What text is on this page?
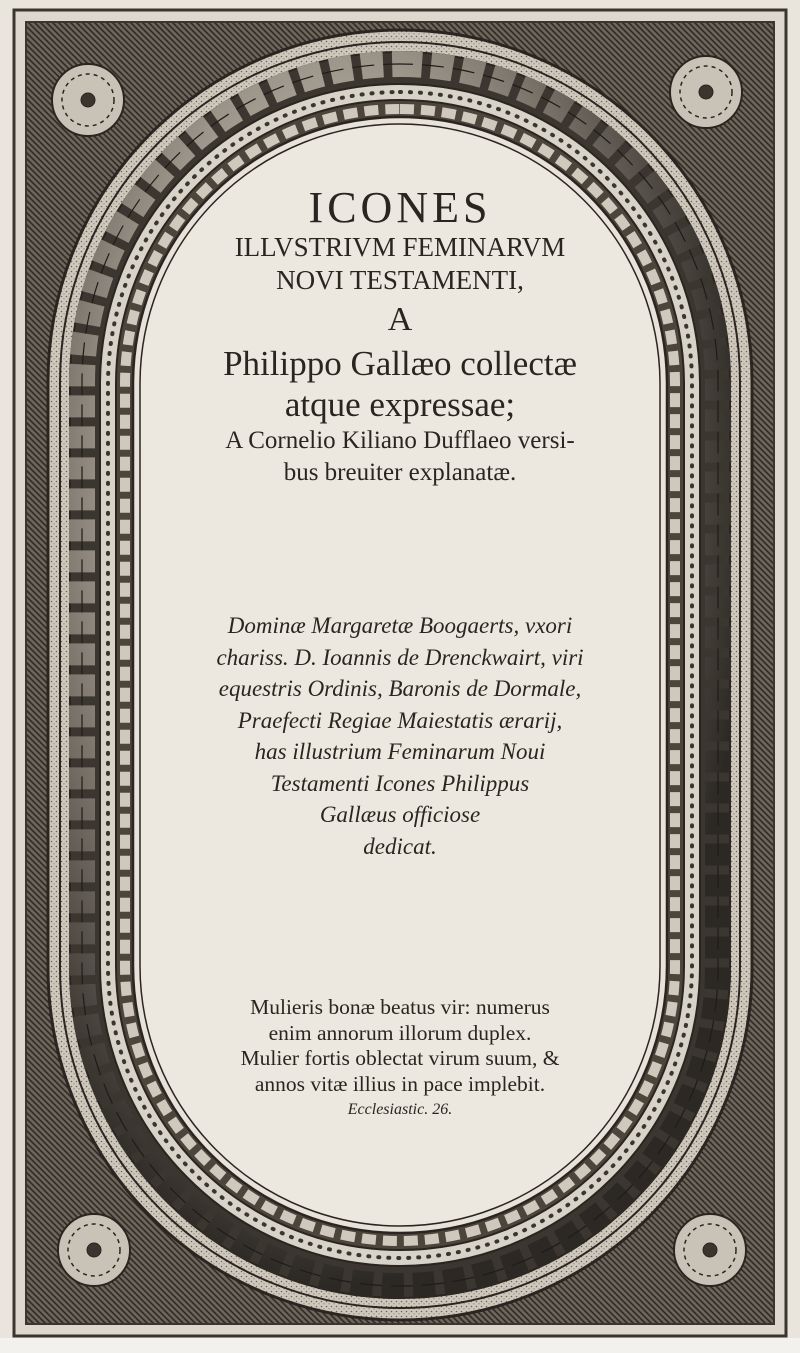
ICONES

ILLVSTRIVM FEMINARVM

NOVI TESTAMENTI,

A

Philippo Gallæo collectæ

atque expressae;

A Cornelio Kiliano Dufflaeo versi-

bus breuiter explanatæ.

Dominæ Margaretæ Boogaerts, vxori
chariss. D. Ioannis de Drenckwairt, viri
equestris Ordinis, Baronis de Dormale,
Praefecti Regiae Maiestatis ærarij,
has illustrium Feminarum Noui
Testamenti Icones Philippus
Gallæus officiose
dedicat.
Mulieris bonæ beatus vir: numerus
enim annorum illorum duplex.
Mulier fortis oblectat virum suum, &
annos vitæ illius in pace implebit.
Ecclesiastic. 26.
